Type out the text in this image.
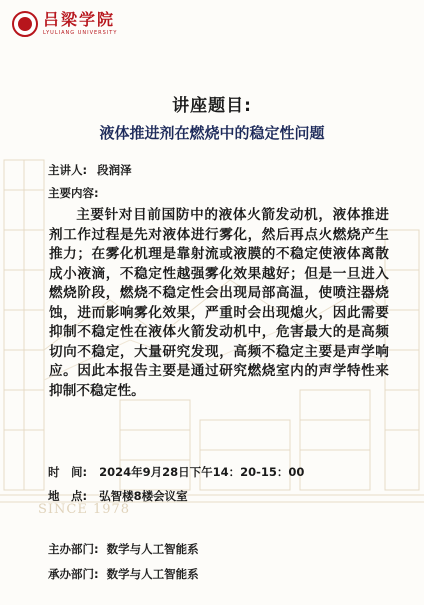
SINCE 1978
吕梁学院
LYULIANG UNIVERSITY
讲座题目:
液体推进剂在燃烧中的稳定性问题
主讲人: 段润泽
主要内容:
主要针对目前国防中的液体火箭发动机，液体推进剂工作过程是先对液体进行雾化，然后再点火燃烧产生推力；在雾化机理是靠射流或液膜的不稳定使液体离散成小液滴，不稳定性越强雾化效果越好；但是一旦进入燃烧阶段，燃烧不稳定性会出现局部高温，使喷注器烧蚀，进而影响雾化效果，严重时会出现熄火，因此需要抑制不稳定性在液体火箭发动机中，危害最大的是高频切向不稳定，大量研究发现，高频不稳定主要是声学响应。因此本报告主要是通过研究燃烧室内的声学特性来抑制不稳定性。
时　间: 2024年9月28日下午14：20-15：00
地　点: 弘智楼8楼会议室
主办部门: 数学与人工智能系
承办部门: 数学与人工智能系
